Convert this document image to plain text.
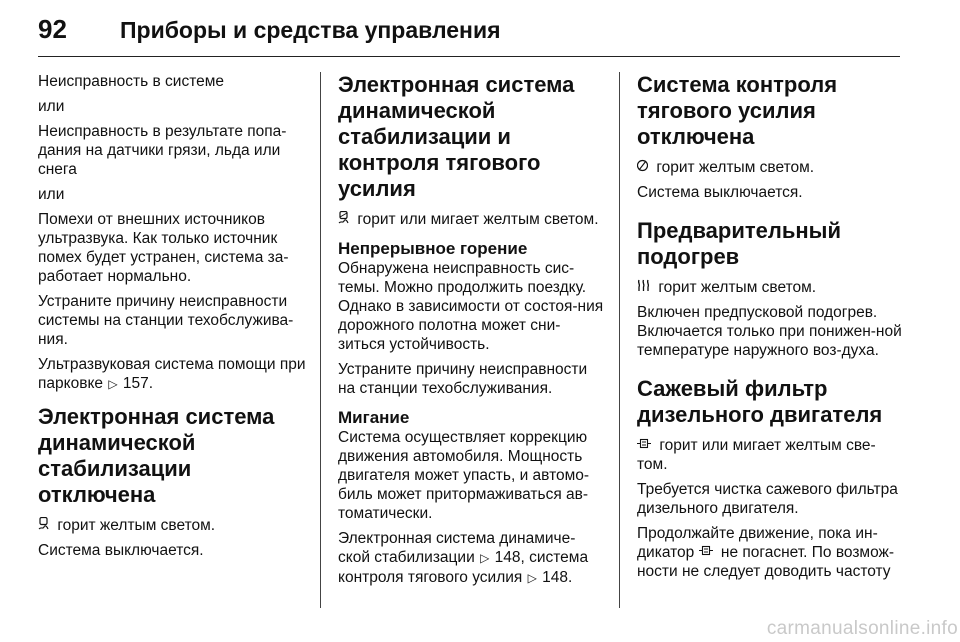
92	Приборы и средства управления

Неисправность в системе

или

Неисправность в результате попа-дания на датчики грязи, льда или снега

или

Помехи от внешних источников ультразвука. Как только источник помех будет устранен, система за-работает нормально.

Устраните причину неисправности системы на станции техобслужива-ния.

Ультразвуковая система помощи при парковке ▷ 157.

Электронная система динамической стабилизации отключена

горит желтым светом.

Система выключается.

Электронная система динамической стабилизации и контроля тягового усилия

горит или мигает желтым светом.

Непрерывное горение

Обнаружена неисправность сис-темы. Можно продолжить поездку. Однако в зависимости от состоя-ния дорожного полотна может сни-зиться устойчивость.

Устраните причину неисправности на станции техобслуживания.

Мигание

Система осуществляет коррекцию движения автомобиля. Мощность двигателя может упасть, и автомо-биль может притормаживаться ав-томатически.

Электронная система динамиче-ской стабилизации ▷ 148, система контроля тягового усилия ▷ 148.

Система контроля тягового усилия отключена

горит желтым светом.

Система выключается.

Предварительный подогрев

горит желтым светом.

Включен предпусковой подогрев. Включается только при понижен-ной температуре наружного воз-духа.

Сажевый фильтр дизельного двигателя

горит или мигает желтым све-том.

Требуется чистка сажевого фильтра дизельного двигателя.

Продолжайте движение, пока ин-дикатор не погаснет. По возмож-ности не следует доводить частоту

carmanualsonline.info
